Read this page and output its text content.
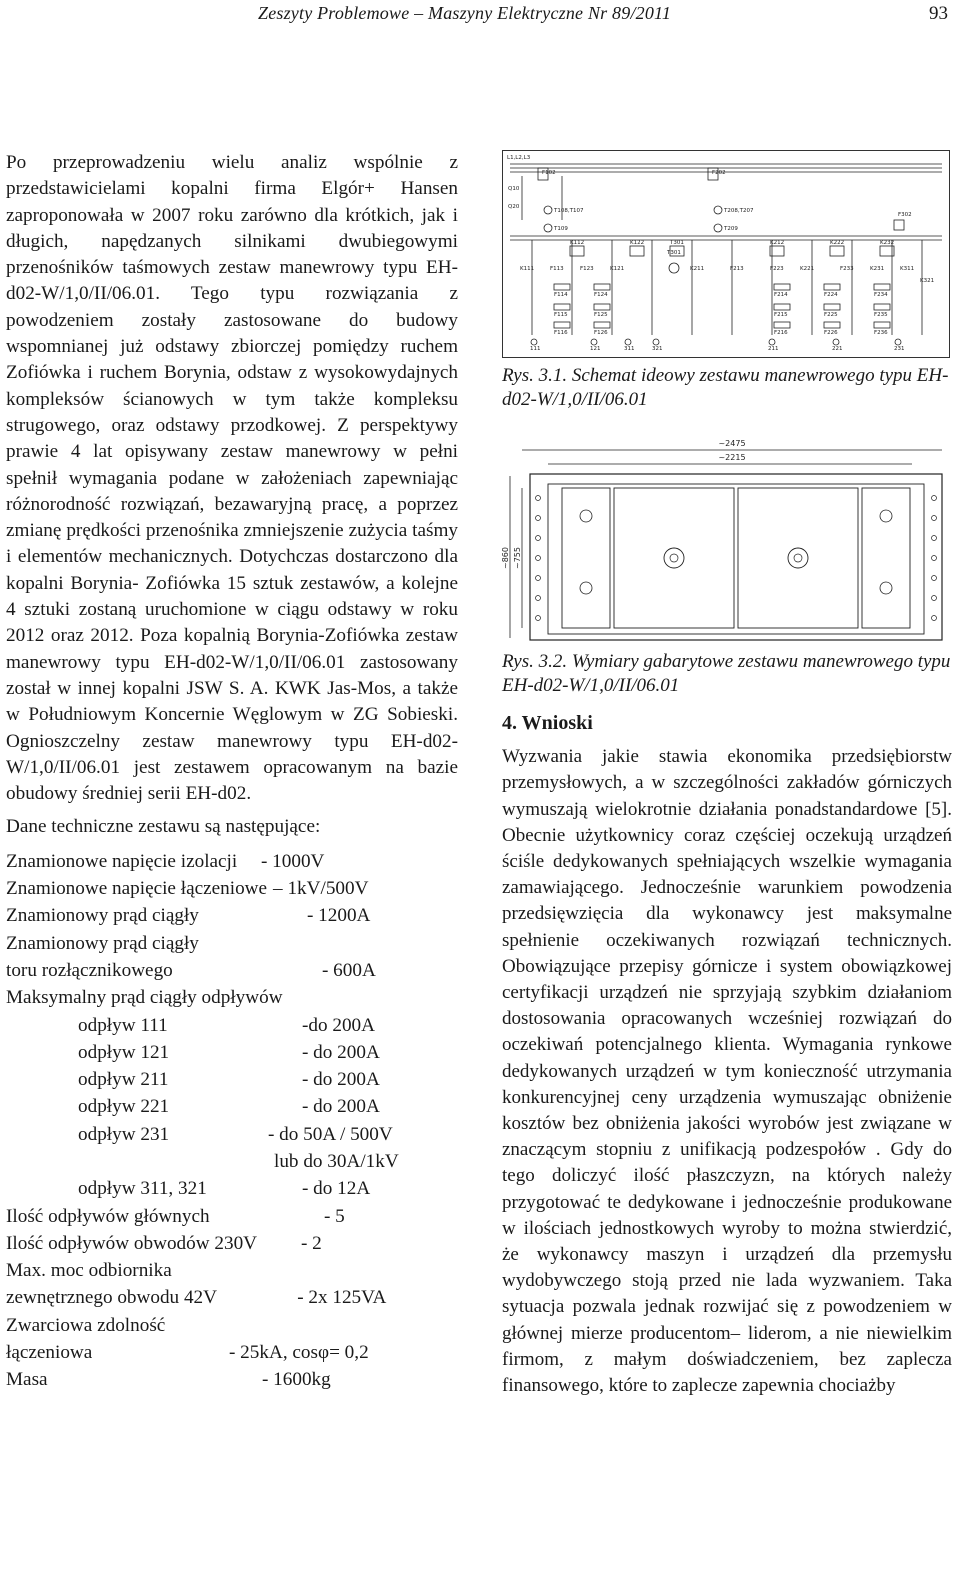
Zeszyty Problemowe – Maszyny Elektryczne Nr 89/2011	93
Po przeprowadzeniu wielu analiz wspólnie z przedstawicielami kopalni firma Elgór+ Hansen zaproponowała w 2007 roku zarówno dla krótkich, jak i długich, napędzanych silnikami dwubiegowymi przenośników taśmowych zestaw manewrowy typu EH-d02-W/1,0/II/06.01. Tego typu rozwiązania z powodzeniem zostały zastosowane do budowy wspomnianej już odstawy zbiorczej pomiędzy ruchem Zofiówka i ruchem Borynia, odstaw z wysokowydajnych kompleksów ścianowych w tym także kompleksu strugowego, oraz odstawy przodkowej. Z perspektywy prawie 4 lat opisywany zestaw manewrowy w pełni spełnił wymagania podane w założeniach zapewniając różnorodność rozwiązań, bezawaryjną pracę, a poprzez zmianę prędkości przenośnika zmniejszenie zużycia taśmy i elementów mechanicznych. Dotychczas dostarczono dla kopalni Borynia- Zofiówka 15 sztuk zestawów, a kolejne 4 sztuki zostaną uruchomione w ciągu odstawy w roku 2012 oraz 2012. Poza kopalnią Borynia-Zofiówka zestaw manewrowy typu EH-d02-W/1,0/II/06.01 zastosowany został w innej kopalni JSW S. A. KWK Jas-Mos, a także w Południowym Koncernie Węglowym w ZG Sobieski. Ognioszczelny zestaw manewrowy typu EH-d02-W/1,0/II/06.01 jest zestawem opracowanym na bazie obudowy średniej serii EH-d02.
Dane techniczne zestawu są następujące:
Znamionowe napięcie izolacji - 1000V
Znamionowe napięcie łączeniowe – 1kV/500V
Znamionowy prąd ciągły	- 1200A
Znamionowy prąd ciągły
toru rozłącznikowego	- 600A
Maksymalny prąd ciągły odpływów
odpływ 111	-do 200A
odpływ 121	- do 200A
odpływ 211	- do 200A
odpływ 221	- do 200A
odpływ 231	- do 50A / 500V
lub do 30A/1kV
odpływ 311, 321	- do 12A
Ilość odpływów głównych	- 5
Ilość odpływów obwodów 230V - 2
Max. moc odbiornika
zewnętrznego obwodu 42V	- 2x 125VA
Zwarciowa zdolność
łączeniowa	- 25kA, cosφ= 0,2
Masa	- 1600kg
L1,L2,L3
F102	F202
Q10
Q20
T108,T107
T109
T208,T207
T209
F302
K112	K122	T301	K212	K222	K232
T301
K111	F113	F123	K121	K211	F213	F223	K221	F233	K231	K311
K321
F114	F124	F214	F224	F234
F115	F125	F215	F225	F235
F116	F126	F216	F226	F236
111	121	311	321	211	221	231
Rys. 3.1. Schemat ideowy zestawu manewrowego typu EH-d02-W/1,0/II/06.01
~2475
~2215
~860 ~755
Rys. 3.2. Wymiary gabarytowe zestawu manewrowego typu EH-d02-W/1,0/II/06.01
4. Wnioski
Wyzwania jakie stawia ekonomika przedsiębiorstw przemysłowych, a w szczególności zakładów górniczych wymuszają wielokrotnie działania ponadstandardowe [5]. Obecnie użytkownicy coraz częściej oczekują urządzeń ściśle dedykowanych spełniających wszelkie wymagania zamawiającego. Jednocześnie warunkiem powodzenia przedsięwzięcia dla wykonawcy jest maksymalne spełnienie oczekiwanych rozwiązań technicznych. Obowiązujące przepisy górnicze i system obowiązkowej certyfikacji urządzeń nie sprzyjają szybkim działaniom dostosowania opracowanych wcześniej rozwiązań do oczekiwań potencjalnego klienta. Wymagania rynkowe dedykowanych urządzeń w tym konieczność utrzymania konkurencyjnej ceny urządzenia wymuszając obniżenie kosztów bez obniżenia jakości wyrobów jest związane w znaczącym stopniu z unifikacją podzespołów . Gdy do tego doliczyć ilość płaszczyzn, na których należy przygotować te dedykowane i jednocześnie produkowane w ilościach jednostkowych wyroby to można stwierdzić, że wykonawcy maszyn i urządzeń dla przemysłu wydobywczego stoją przed nie lada wyzwaniem. Taka sytuacja pozwala jednak rozwijać się z powodzeniem w głównej mierze producentom– liderom, a nie niewielkim firmom, z małym doświadczeniem, bez zaplecza finansowego, które to zaplecze zapewnia chociażby
